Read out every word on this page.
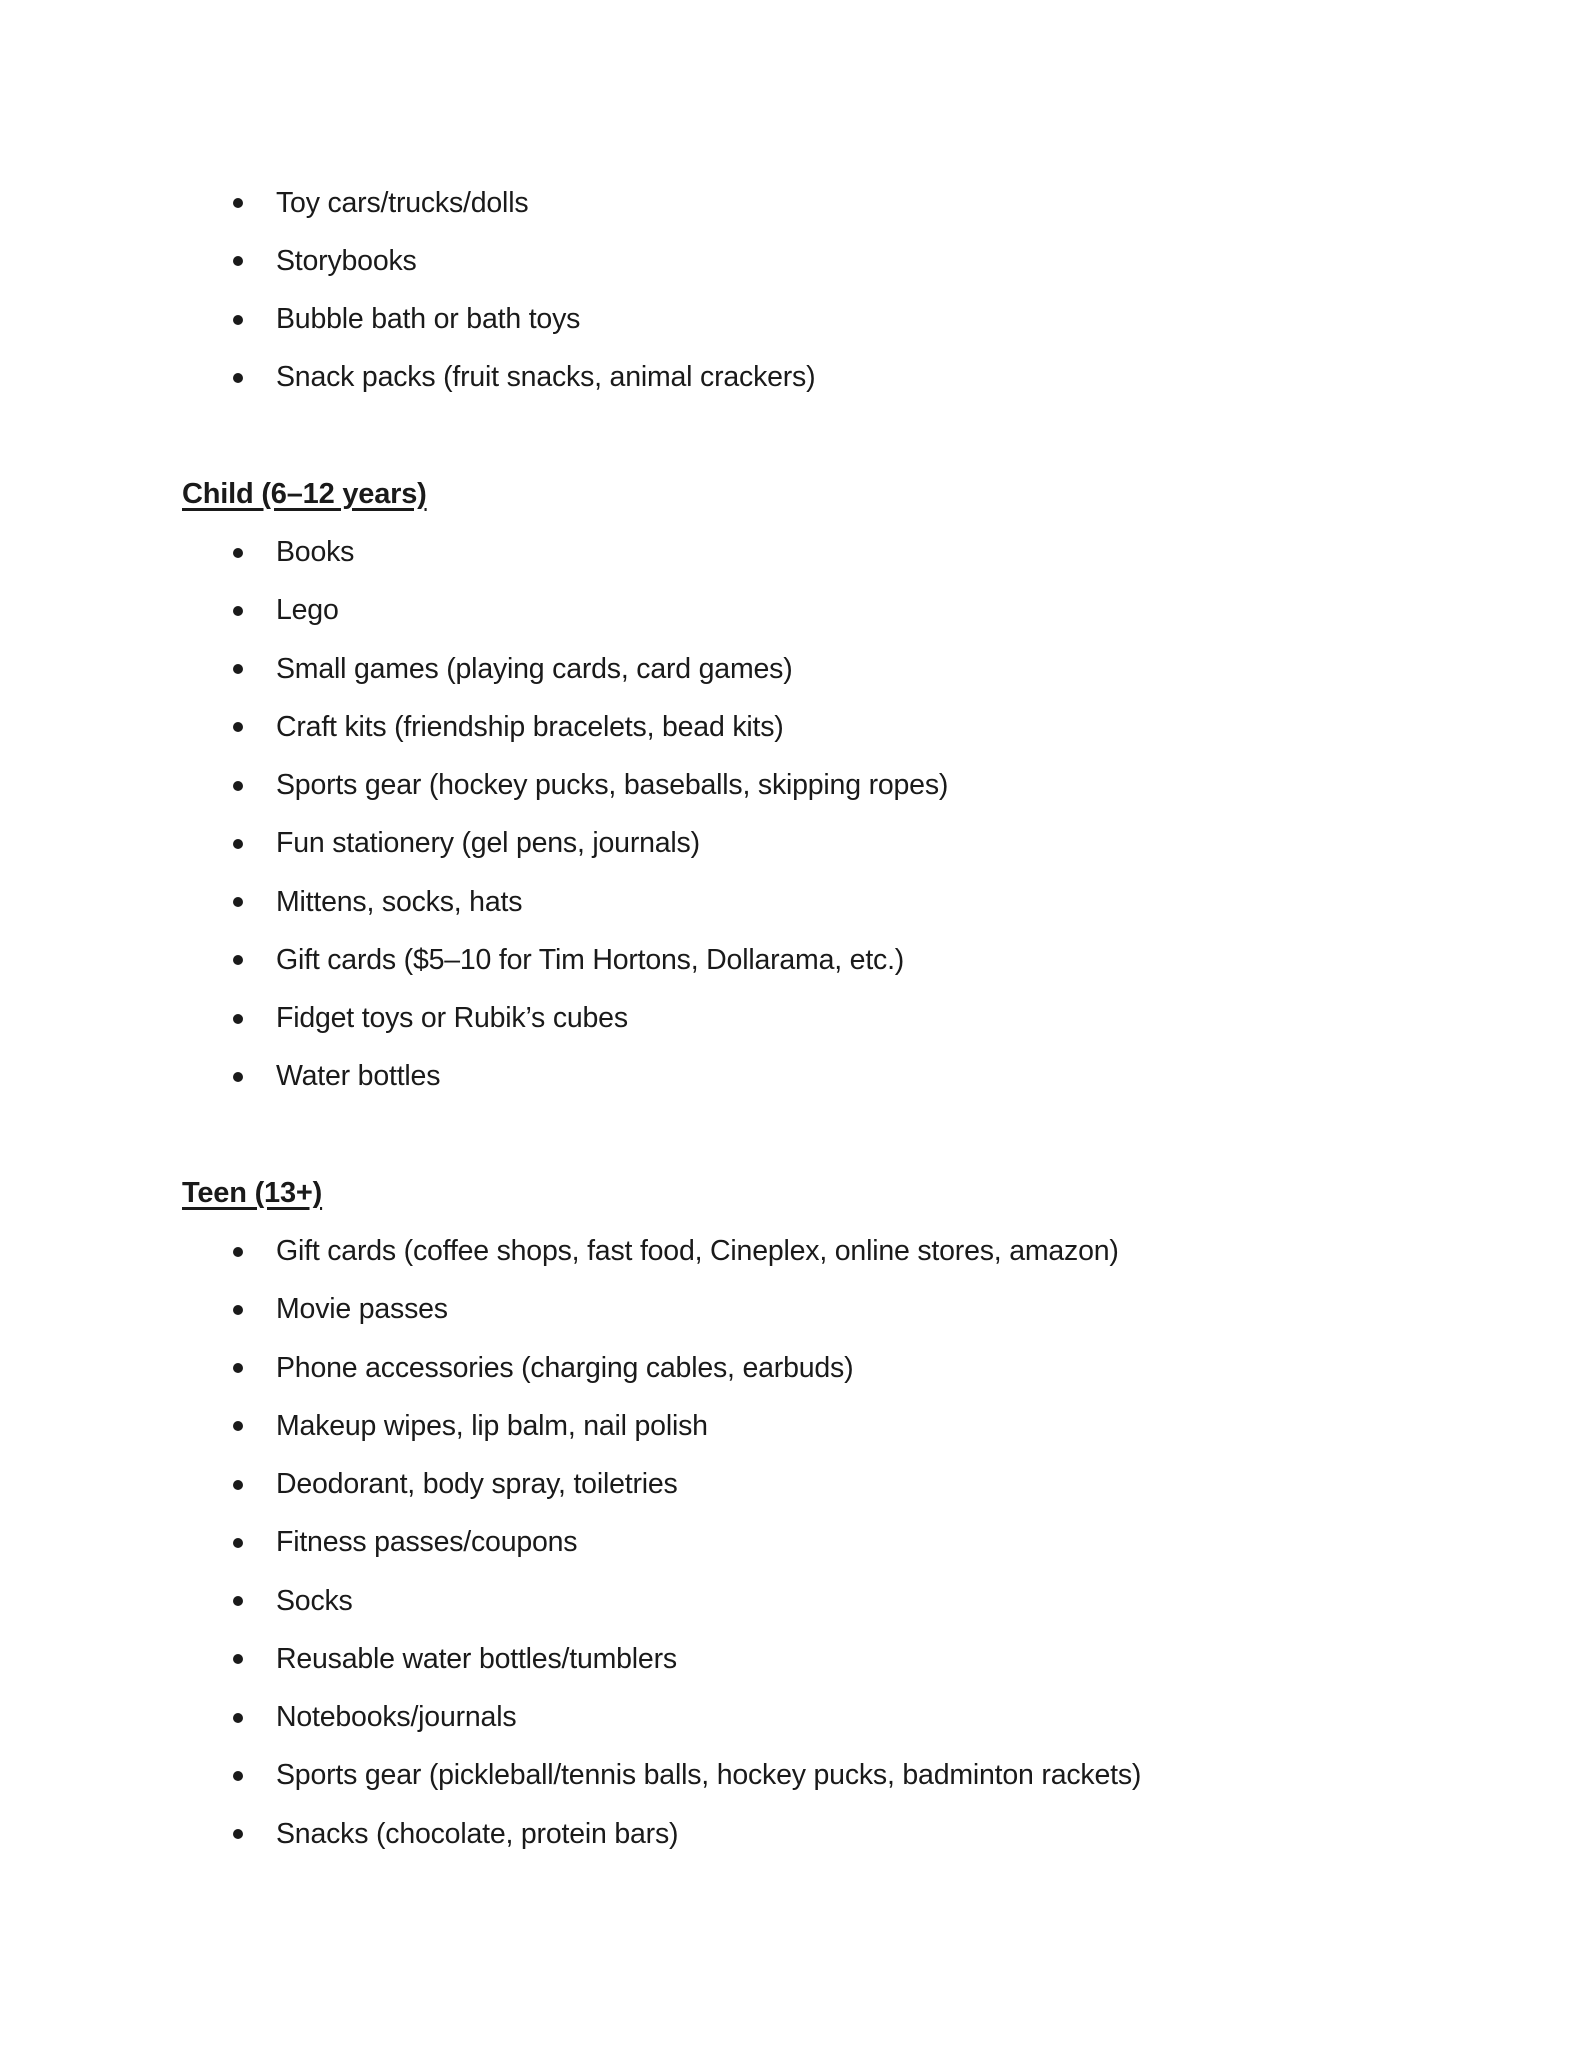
Toy cars/trucks/dolls
Storybooks
Bubble bath or bath toys
Snack packs (fruit snacks, animal crackers)
Child (6–12 years)
Books
Lego
Small games (playing cards, card games)
Craft kits (friendship bracelets, bead kits)
Sports gear (hockey pucks, baseballs, skipping ropes)
Fun stationery (gel pens, journals)
Mittens, socks, hats
Gift cards ($5–10 for Tim Hortons, Dollarama, etc.)
Fidget toys or Rubik’s cubes
Water bottles
Teen (13+)
Gift cards (coffee shops, fast food, Cineplex, online stores, amazon)
Movie passes
Phone accessories (charging cables, earbuds)
Makeup wipes, lip balm, nail polish
Deodorant, body spray, toiletries
Fitness passes/coupons
Socks
Reusable water bottles/tumblers
Notebooks/journals
Sports gear (pickleball/tennis balls, hockey pucks, badminton rackets)
Snacks (chocolate, protein bars)
